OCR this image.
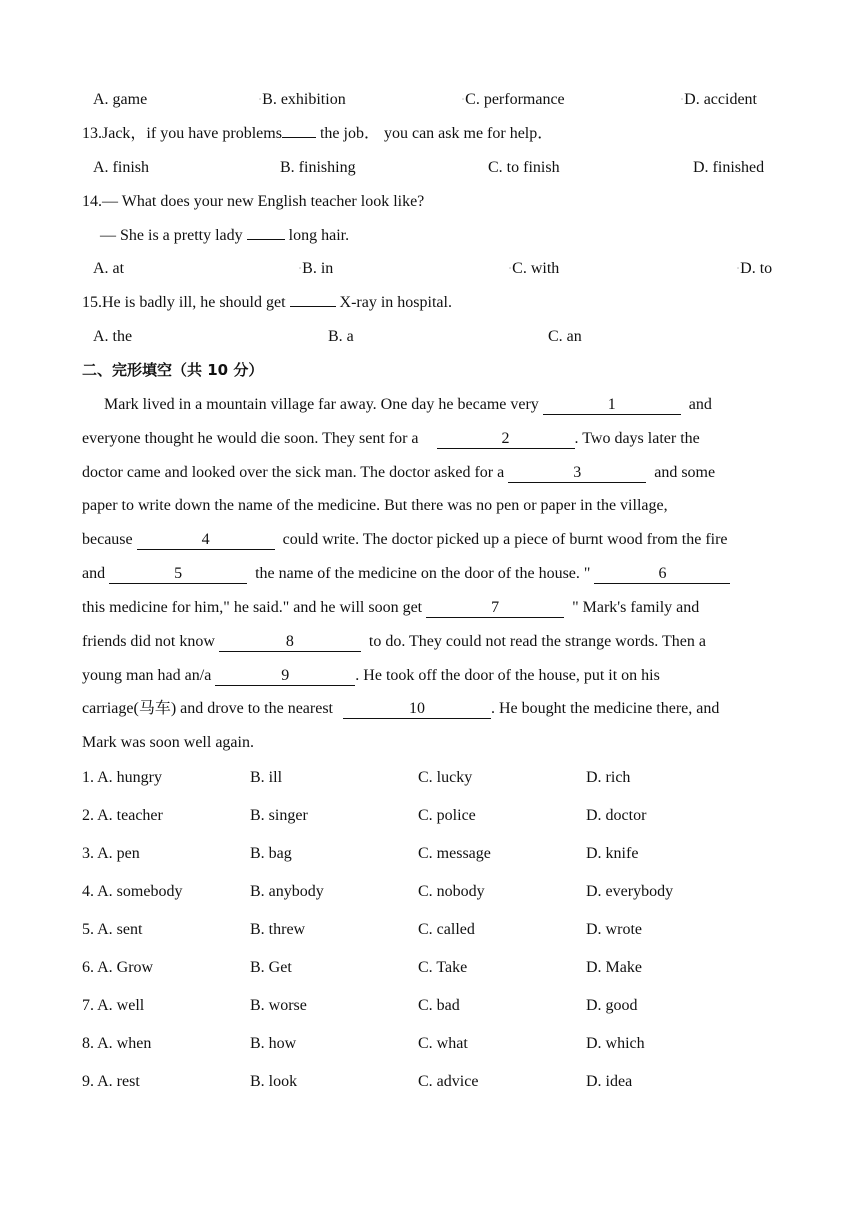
A. game	▫B. exhibition	▫C. performance	▫D. accident
13.Jack，if you have problems the job． you can ask me for help．
A. finish	B. finishing	C. to finish	D. finished
14.— What does your new English teacher look like?
— She is a pretty lady  long hair.
A. at	▫B. in	▫C. with	▫D. to
15.He is badly ill, he should get	X-ray in hospital.
A. the	B. a	C. an
二、完形填空（共 10 分）
Mark lived in a mountain village far away. One day he became very	1	and
everyone thought he would die soon. They sent for a	2	. Two days later the
doctor came and looked over the sick man. The doctor asked for a	3	and some
paper to write down the name of the medicine. But there was no pen or paper in the village,
because	4	could write. The doctor picked up a piece of burnt wood from the fire
and	5	the name of the medicine on the door of the house. "	6
this medicine for him," he said." and he will soon get	7	" Mark's family and
friends did not know	8	to do. They could not read the strange words. Then a
young man had an/a	9	. He took off the door of the house, put it on his
carriage(马车) and drove to the nearest	10	. He bought the medicine there, and
Mark was soon well again.
1. A. hungry	B. ill	C. lucky	D. rich
2. A. teacher	B. singer	C. police	D. doctor
3. A. pen	B. bag	C. message	D. knife
4. A. somebody	B. anybody	C. nobody	D. everybody
5. A. sent	B. threw	C. called	D. wrote
6. A. Grow	B. Get	C. Take	D. Make
7. A. well	B. worse	C. bad	D. good
8. A. when	B. how	C. what	D. which
9. A. rest	B. look	C. advice	D. idea
